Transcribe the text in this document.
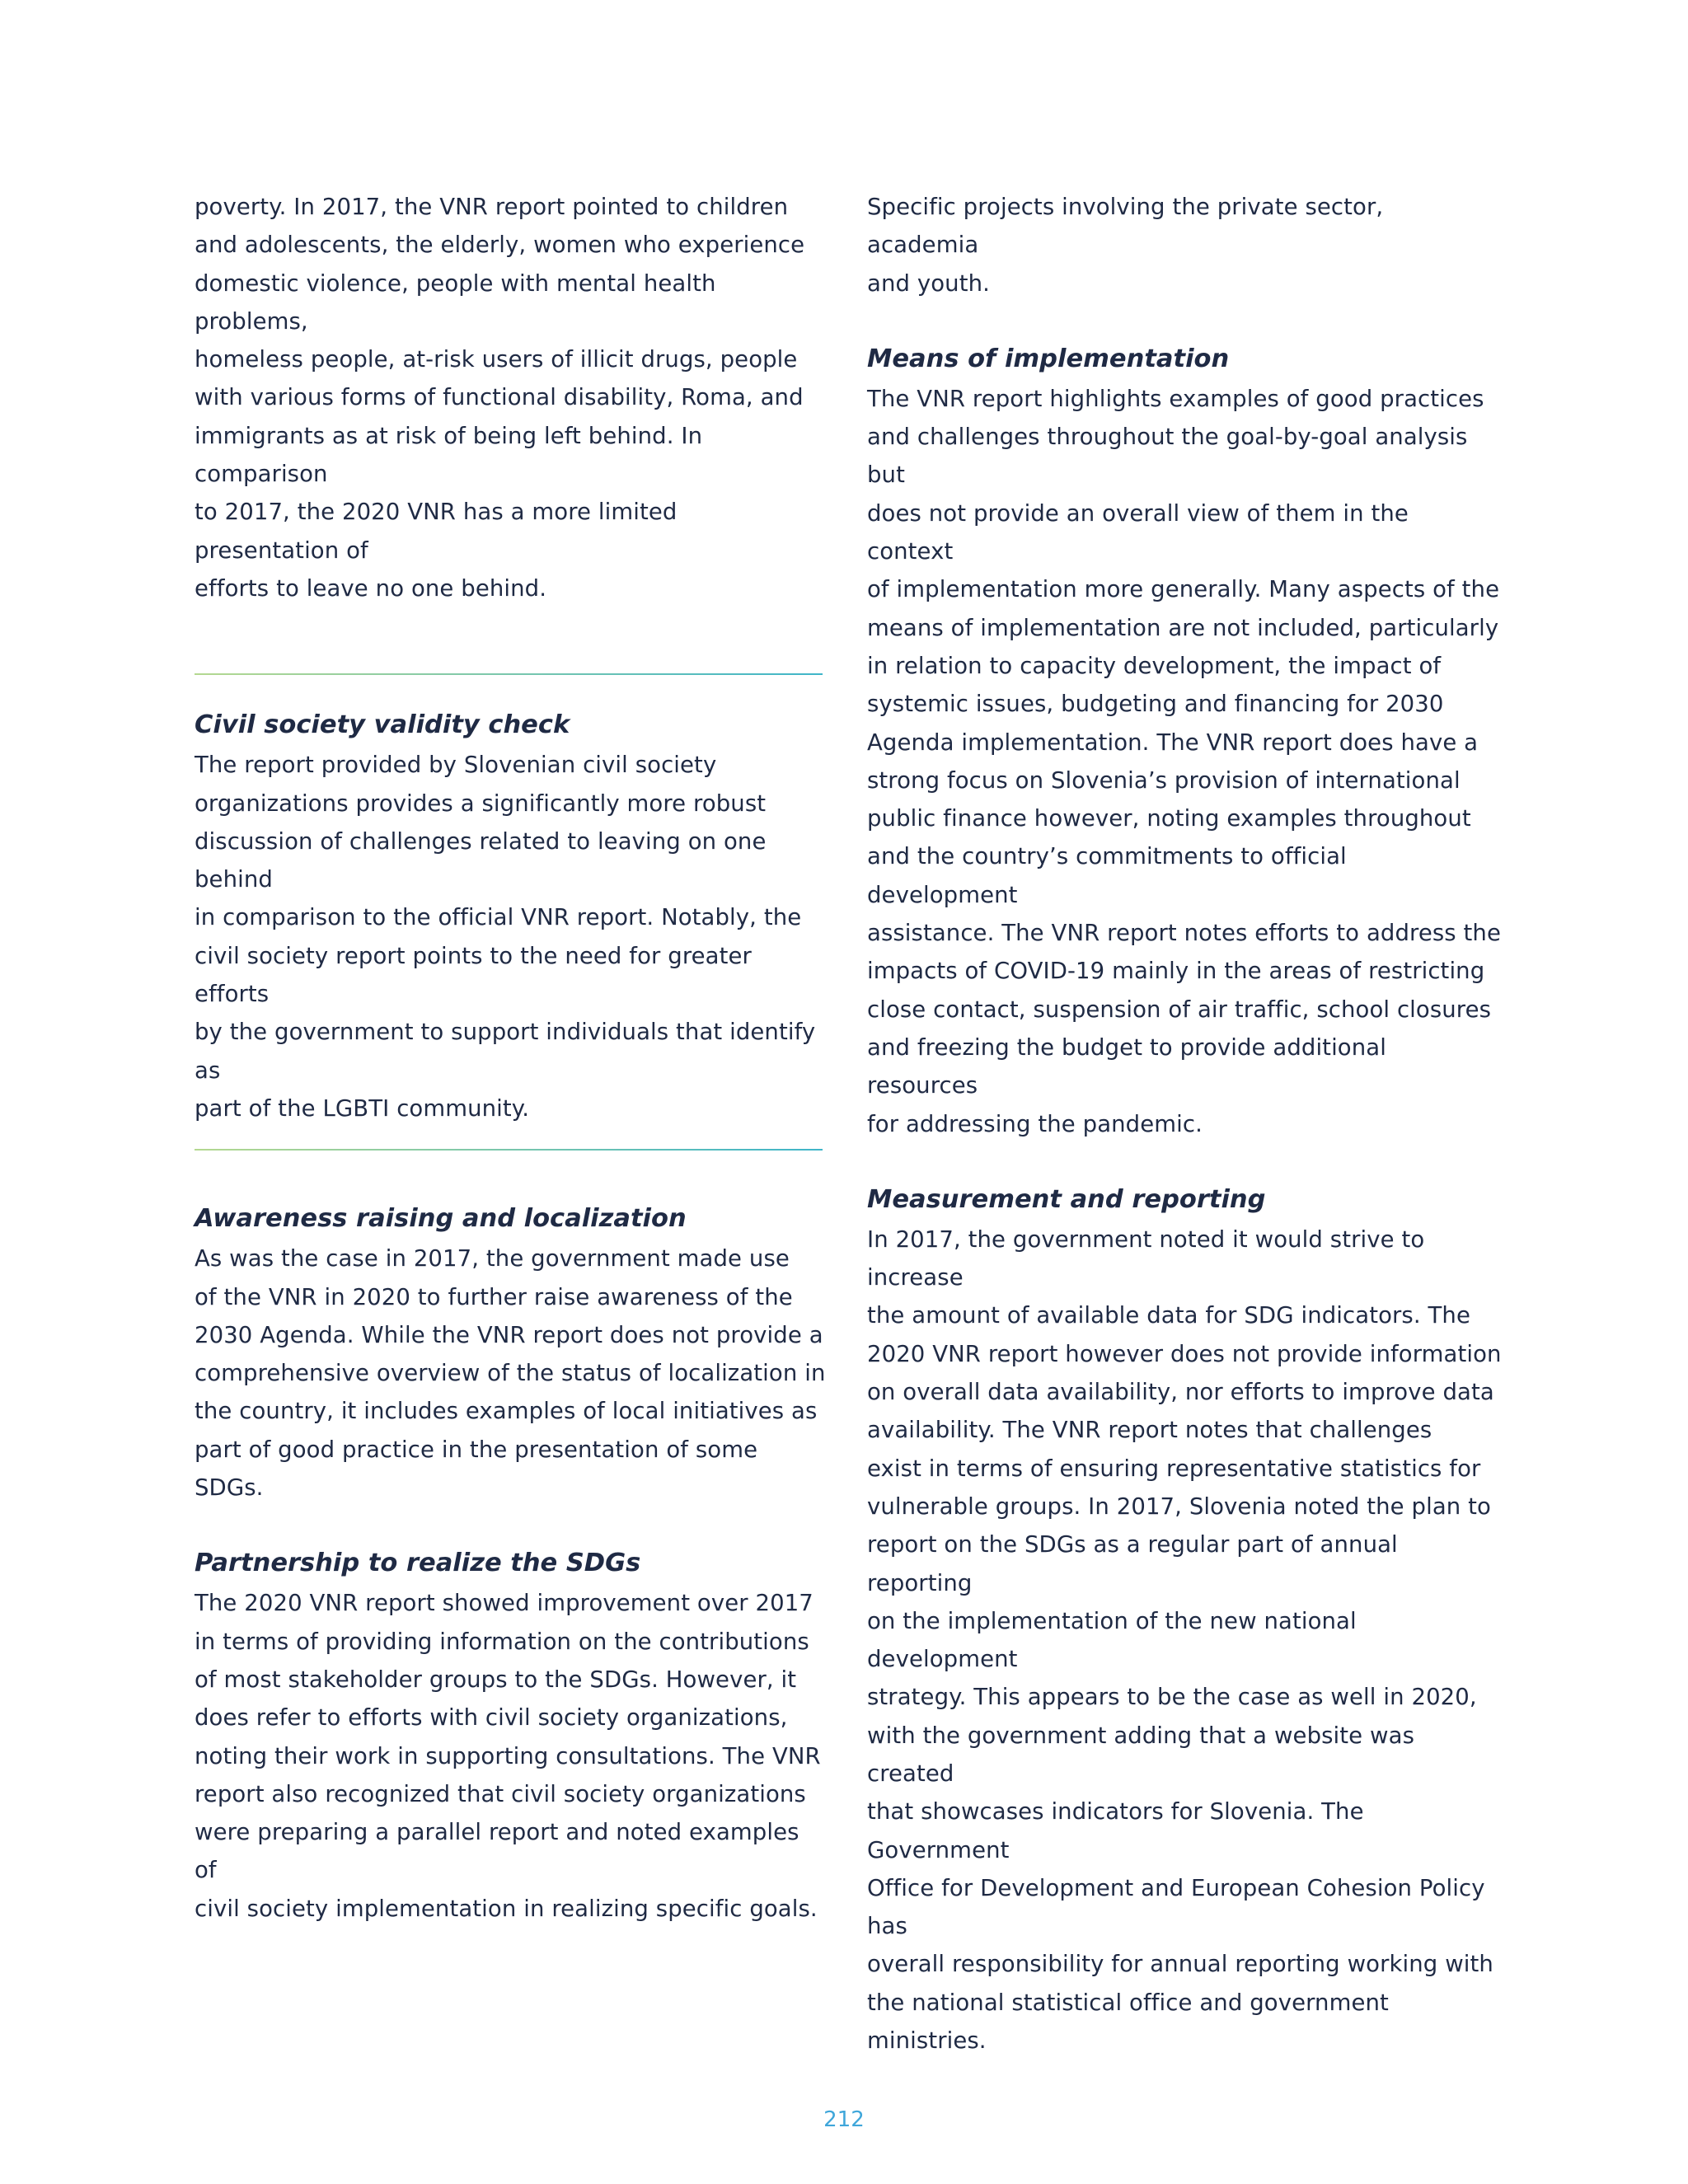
poverty. In 2017, the VNR report pointed to children
and adolescents, the elderly, women who experience
domestic violence, people with mental health problems,
homeless people, at-risk users of illicit drugs, people
with various forms of functional disability, Roma, and
immigrants as at risk of being left behind. In comparison
to 2017, the 2020 VNR has a more limited presentation of
efforts to leave no one behind.

Civil society validity check

The report provided by Slovenian civil society
organizations provides a significantly more robust
discussion of challenges related to leaving on one behind
in comparison to the official VNR report. Notably, the
civil society report points to the need for greater efforts
by the government to support individuals that identify as
part of the LGBTI community.

Awareness raising and localization

As was the case in 2017, the government made use
of the VNR in 2020 to further raise awareness of the
2030 Agenda. While the VNR report does not provide a
comprehensive overview of the status of localization in
the country, it includes examples of local initiatives as
part of good practice in the presentation of some SDGs.

Partnership to realize the SDGs

The 2020 VNR report showed improvement over 2017
in terms of providing information on the contributions
of most stakeholder groups to the SDGs. However, it
does refer to efforts with civil society organizations,
noting their work in supporting consultations. The VNR
report also recognized that civil society organizations
were preparing a parallel report and noted examples of
civil society implementation in realizing specific goals.

Specific projects involving the private sector, academia
and youth.

Means of implementation

The VNR report highlights examples of good practices
and challenges throughout the goal-by-goal analysis but
does not provide an overall view of them in the context
of implementation more generally. Many aspects of the
means of implementation are not included, particularly
in relation to capacity development, the impact of
systemic issues, budgeting and financing for 2030
Agenda implementation. The VNR report does have a
strong focus on Slovenia’s provision of international
public finance however, noting examples throughout
and the country’s commitments to official development
assistance. The VNR report notes efforts to address the
impacts of COVID-19 mainly in the areas of restricting
close contact, suspension of air traffic, school closures
and freezing the budget to provide additional resources
for addressing the pandemic.

Measurement and reporting

In 2017, the government noted it would strive to increase
the amount of available data for SDG indicators. The
2020 VNR report however does not provide information
on overall data availability, nor efforts to improve data
availability. The VNR report notes that challenges
exist in terms of ensuring representative statistics for
vulnerable groups. In 2017, Slovenia noted the plan to
report on the SDGs as a regular part of annual reporting
on the implementation of the new national development
strategy. This appears to be the case as well in 2020,
with the government adding that a website was created
that showcases indicators for Slovenia. The Government
Office for Development and European Cohesion Policy has
overall responsibility for annual reporting working with
the national statistical office and government ministries.

212
